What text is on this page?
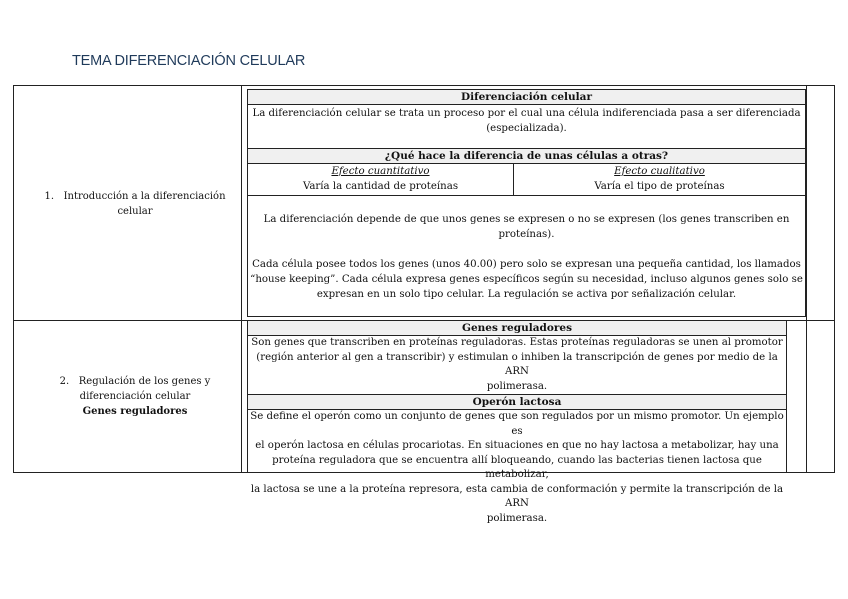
TEMA DIFERENCIACIÓN CELULAR
1. Introducción a la diferenciación
celular
Diferenciación celular
La diferenciación celular se trata un proceso por el cual una célula indiferenciada pasa a ser diferenciada
(especializada).
¿Qué hace la diferencia de unas células a otras?
Efecto cuantitativo
Varía la cantidad de proteínas
Efecto cualitativo
Varía el tipo de proteínas
La diferenciación depende de que unos genes se expresen o no se expresen (los genes transcriben en
proteínas).
Cada célula posee todos los genes (unos 40.00) pero solo se expresan una pequeña cantidad, los llamados
“house keeping”. Cada célula expresa genes específicos según su necesidad, incluso algunos genes solo se
expresan en un solo tipo celular. La regulación se activa por señalización celular.
2. Regulación de los genes y
diferenciación celular
Genes reguladores
Genes reguladores
Son genes que transcriben en proteínas reguladoras. Estas proteínas reguladoras se unen al promotor
(región anterior al gen a transcribir) y estimulan o inhiben la transcripción de genes por medio de la ARN
polimerasa.
Operón lactosa
Se define el operón como un conjunto de genes que son regulados por un mismo promotor. Un ejemplo es
el operón lactosa en células procariotas. En situaciones en que no hay lactosa a metabolizar, hay una
proteína reguladora que se encuentra allí bloqueando, cuando las bacterias tienen lactosa que metabolizar,
la lactosa se une a la proteína represora, esta cambia de conformación y permite la transcripción de la ARN
polimerasa.
